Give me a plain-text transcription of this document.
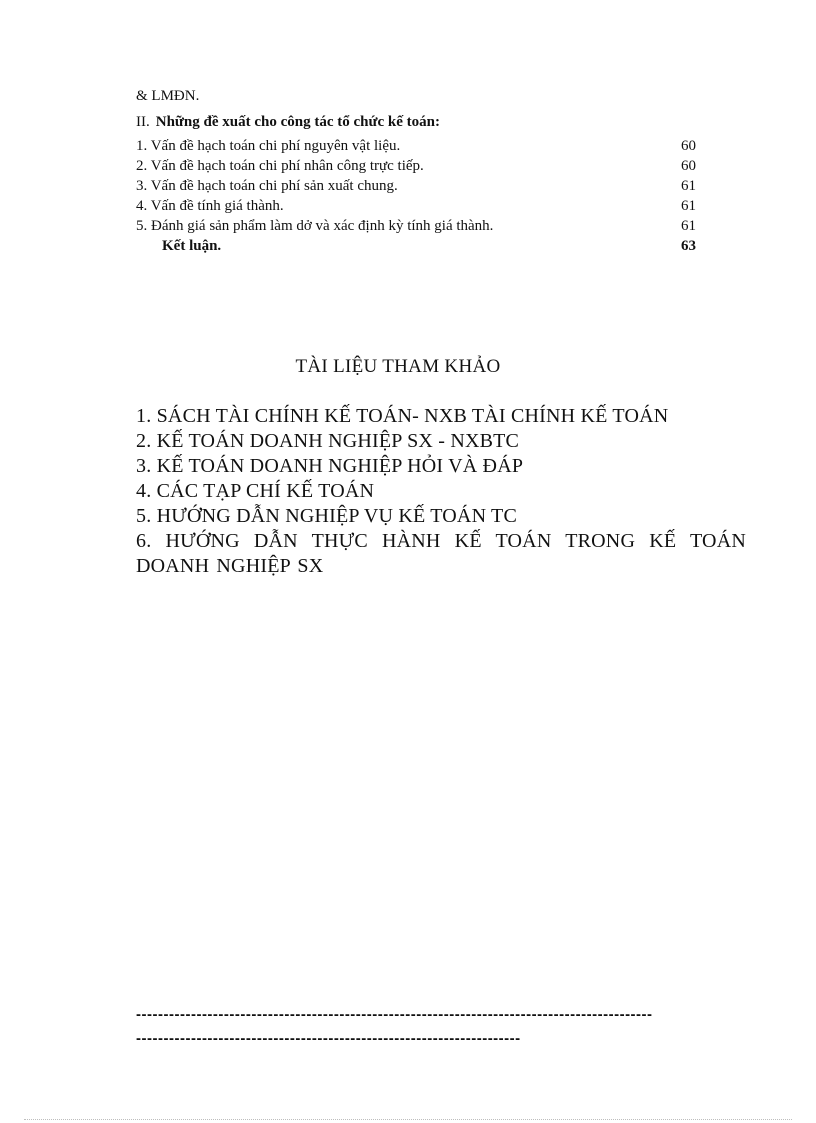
& LMĐN.
II. Những đề xuất cho công tác tổ chức kế toán:
1. Vấn đề hạch toán chi phí nguyên vật liệu.	60
2. Vấn đề hạch toán chi phí nhân công trực tiếp.	60
3. Vấn đề hạch toán chi phí sản xuất chung.	61
4. Vấn đề tính giá thành.	61
5. Đánh giá sản phẩm làm dở và xác định kỳ tính giá thành.	61
Kết luận.	63
TÀI LIỆU THAM KHẢO
1. SÁCH TÀI CHÍNH KẾ TOÁN- NXB TÀI CHÍNH KẾ TOÁN
2. KẾ TOÁN DOANH NGHIỆP SX - NXBTC
3. KẾ TOÁN DOANH NGHIỆP HỎI VÀ ĐÁP
4. CÁC TẠP CHÍ KẾ TOÁN
5. HƯỚNG DẪN NGHIỆP VỤ KẾ TOÁN TC
6. HƯỚNG DẪN THỰC HÀNH KẾ TOÁN TRONG KẾ TOÁN DOANH NGHIỆP SX
----------------------------------------------------------------------------------------------
----------------------------------------------------------------------
